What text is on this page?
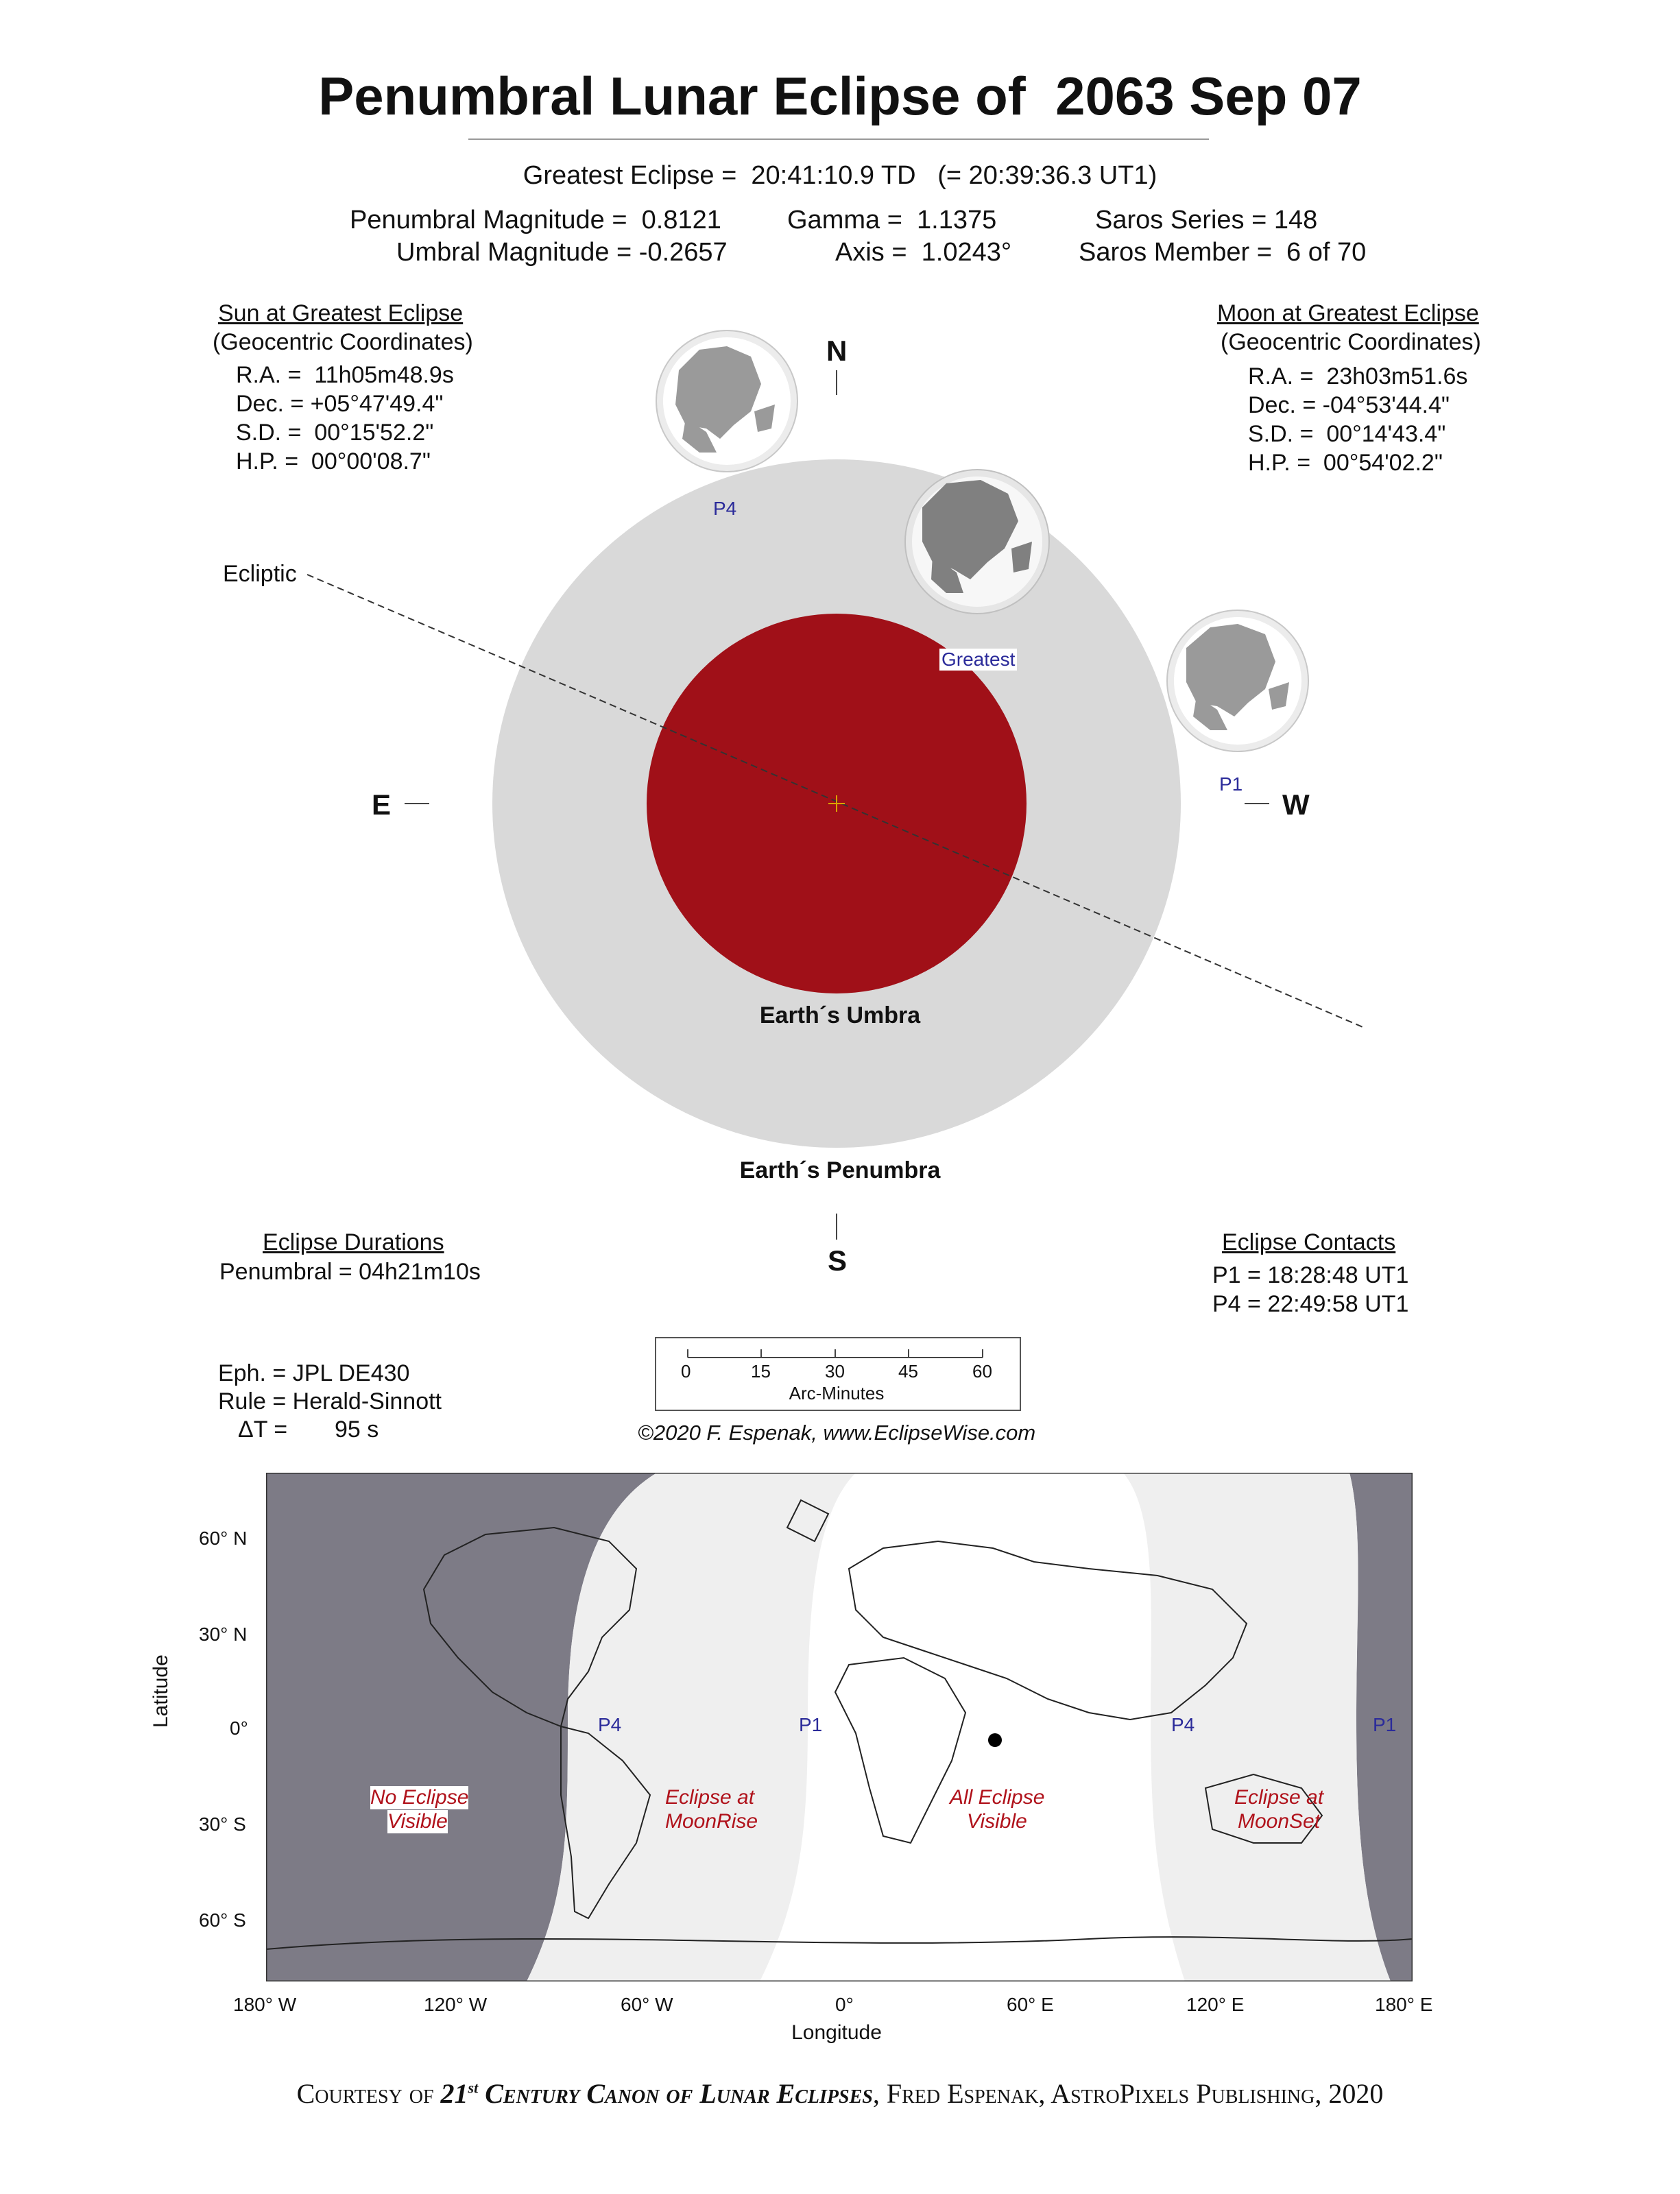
Penumbral Lunar Eclipse of  2063 Sep 07
Greatest Eclipse =  20:41:10.9 TD   (= 20:39:36.3 UT1)
Penumbral Magnitude =  0.8121
Umbral Magnitude = -0.2657
Gamma =  1.1375
Axis =  1.0243°
Saros Series = 148
Saros Member =  6 of 70
Sun at Greatest Eclipse
(Geocentric Coordinates)
R.A. =  11h05m48.9s
Dec. = +05°47'49.4"
S.D. =  00°15'52.2"
H.P. =  00°00'08.7"
Moon at Greatest Eclipse
(Geocentric Coordinates)
R.A. =  23h03m51.6s
Dec. = -04°53'44.4"
S.D. =  00°14'43.4"
H.P. =  00°54'02.2"
N
S
E	W
Ecliptic
Earth´s Umbra
Earth´s Penumbra
P4
P1
Greatest
Eclipse Durations
Penumbral = 04h21m10s
Eclipse Contacts
P1 = 18:28:48 UT1
P4 = 22:49:58 UT1
Eph. = JPL DE430
Rule = Herald-Sinnott
ΔT = 95 s
0	15	30	45	60
Arc-Minutes
©2020 F. Espenak, www.EclipseWise.com
No Eclipse
Visible
Eclipse at
MoonRise
All Eclipse
Visible
Eclipse at
MoonSet
P4	P1	P4	P1
60° N
30° N
0°
30° S
60° S
Latitude
180° W	120° W	60° W	0°	60° E	120° E	180° E
Longitude
Courtesy of 21st Century Canon of Lunar Eclipses, Fred Espenak, AstroPixels Publishing, 2020
